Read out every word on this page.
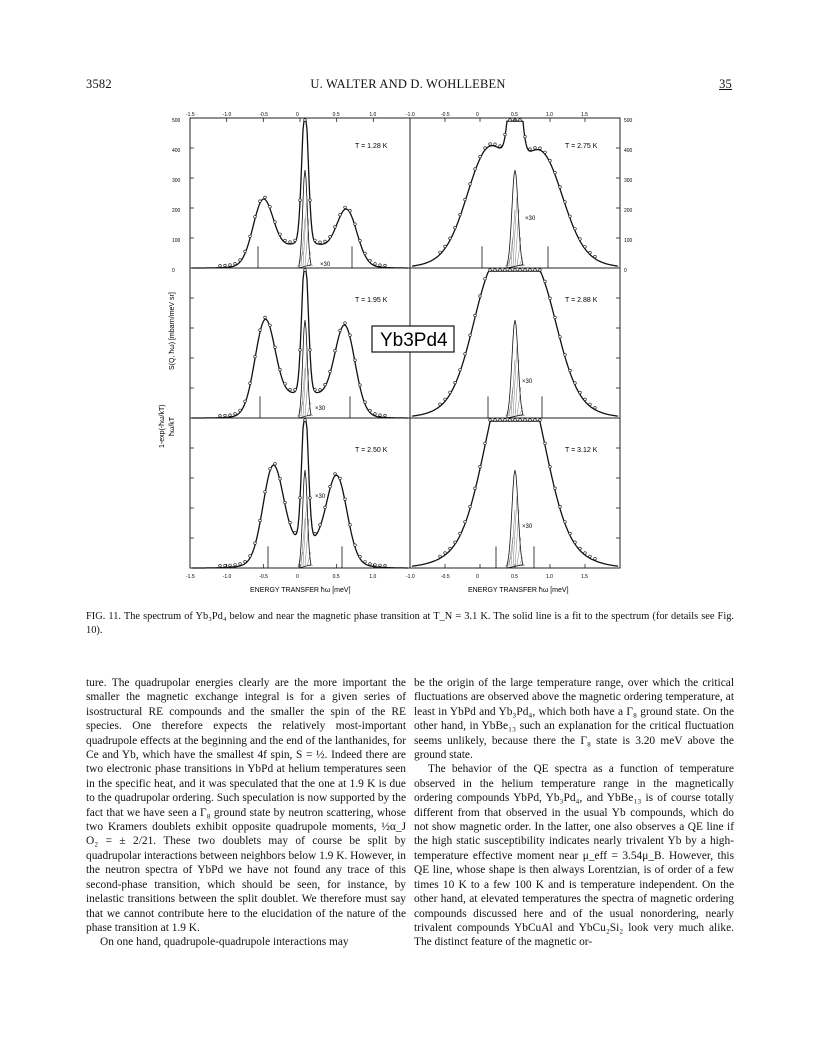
3582	U. WALTER AND D. WOHLLEBEN	35
500	500
400	400
300	300
200	200
100	100
0	0
-1.5
-1.5
-1.0
-1.0
-0.5
-0.5
0
0
0.5
0.5
1.0
1.0
-1.0
-1.0
-0.5
-0.5
0
0
0.5
0.5
1.0
1.0
1.5
1.5
T = 1.28 K	T = 2.75 K
T = 1.95 K	T = 2.88 K
T = 2.50 K	T = 3.12 K
×30
×30
×30
×30
×30
×30
Yb3Pd4
1-exp(-ħω/kT) ħω/kT
S(Q, ħω) [mbarn/meV sr]
ENERGY TRANSFER ħω [meV]	ENERGY TRANSFER ħω [meV]
FIG. 11. The spectrum of Yb₃Pd₄ below and near the magnetic phase transition at T_N = 3.1 K. The solid line is a fit to the spectrum (for details see Fig. 10).

ture. The quadrupolar energies clearly are the more important the smaller the magnetic exchange integral is for a given series of isostructural RE compounds and the smaller the spin of the RE species. One therefore expects the relatively most-important quadrupole effects at the beginning and the end of the lanthanides, for Ce and Yb, which have the smallest 4f spin, S = ½. Indeed there are two electronic phase transitions in YbPd at helium temperatures seen in the specific heat, and it was speculated that the one at 1.9 K is due to the quadrupolar ordering. Such speculation is now supported by the fact that we have seen a Γ₈ ground state by neutron scattering, whose two Kramers doublets exhibit opposite quadrupole moments, ½α_J O₂ = ± 2/21. These two doublets may of course be split by quadrupolar interactions between neighbors below 1.9 K. However, in the neutron spectra of YbPd we have not found any trace of this second-phase transition, which should be seen, for instance, by inelastic transitions between the split doublet. We therefore must say that we cannot contribute here to the elucidation of the nature of the phase transition at 1.9 K.

On one hand, quadrupole-quadrupole interactions may

be the origin of the large temperature range, over which the critical fluctuations are observed above the magnetic ordering temperature, at least in YbPd and Yb₃Pd₄, which both have a Γ₈ ground state. On the other hand, in YbBe₁₃ such an explanation for the critical fluctuation seems unlikely, because there the Γ₈ state is 3.20 meV above the ground state.

The behavior of the QE spectra as a function of temperature observed in the helium temperature range in the magnetically ordering compounds YbPd, Yb₃Pd₄, and YbBe₁₃ is of course totally different from that observed in the usual Yb compounds, which do not show magnetic order. In the latter, one also observes a QE line if the high static susceptibility indicates nearly trivalent Yb by a high-temperature effective moment near μ_eff = 3.54μ_B. However, this QE line, whose shape is then always Lorentzian, is of order of a few times 10 K to a few 100 K and is temperature independent. On the other hand, at elevated temperatures the spectra of magnetic ordering compounds discussed here and of the usual nonordering, nearly trivalent compounds YbCuAl and YbCu₂Si₂ look very much alike. The distinct feature of the magnetic or-
